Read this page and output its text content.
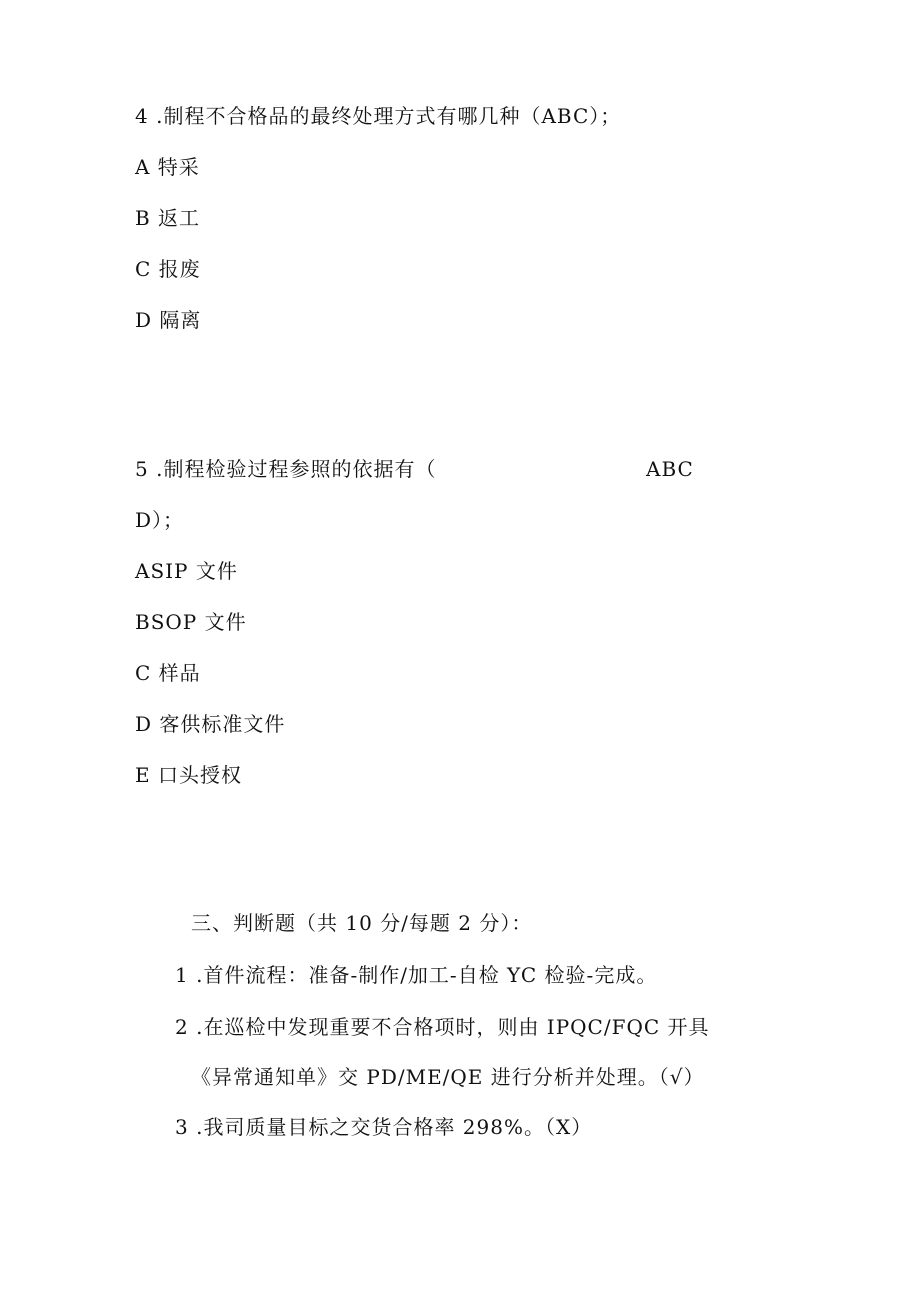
4 .制程不合格品的最终处理方式有哪几种（ABC）；
A 特采
B 返工
C 报废
D 隔离
5 .制程检验过程参照的依据有（	ABC
D）；
ASIP 文件
BSOP 文件
C 样品
D 客供标准文件
E 口头授权
三、判断题（共 10 分/每题 2 分）：
1 .首件流程：准备-制作/加工-自检 YC 检验-完成。
2 .在巡检中发现重要不合格项时，则由 IPQC/FQC 开具
《异常通知单》交 PD/ME/QE 进行分析并处理。（√）
3 .我司质量目标之交货合格率 298%。（X）
